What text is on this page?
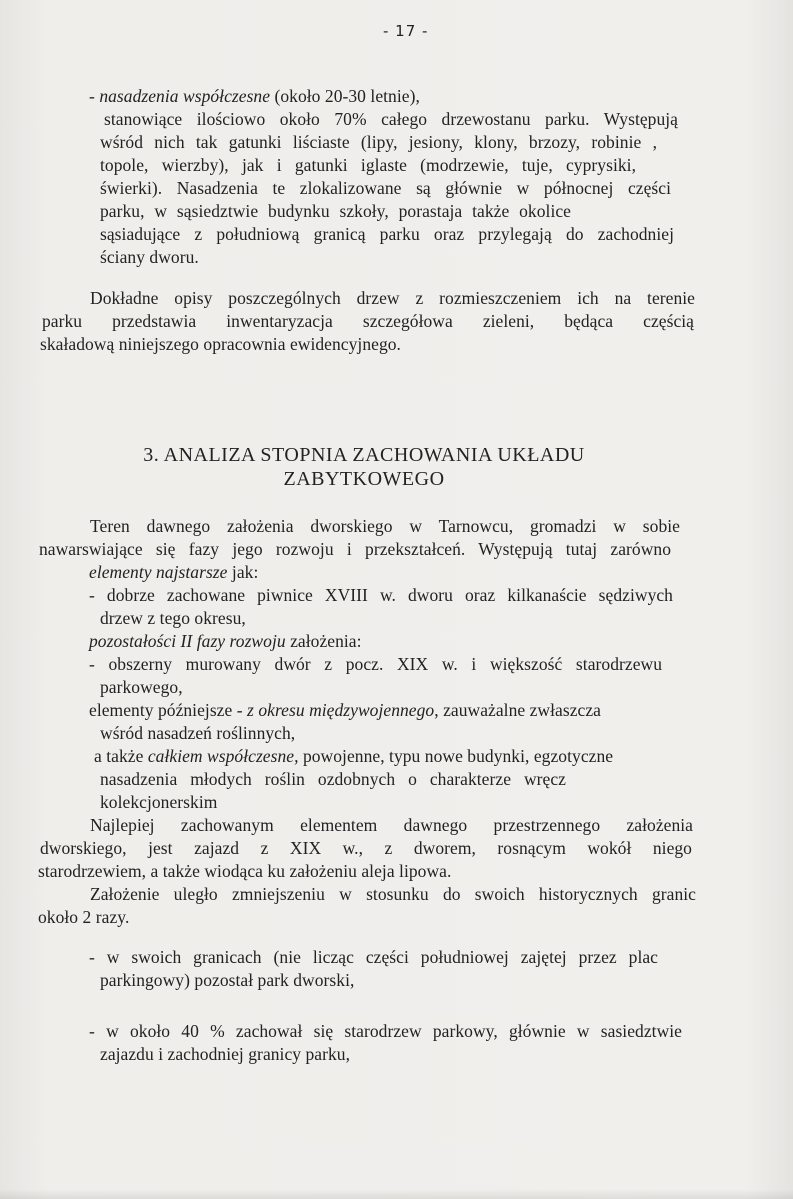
- 17 -
- nasadzenia współczesne (około 20-30 letnie),
stanowiące ilościowo około 70% całego drzewostanu parku. Występują
wśród nich tak gatunki liściaste (lipy, jesiony, klony, brzozy, robinie ,
topole, wierzby), jak i gatunki iglaste (modrzewie, tuje, cyprysiki,
świerki). Nasadzenia te zlokalizowane są głównie w północnej części
parku, w sąsiedztwie budynku szkoły, porastaja także okolice
sąsiadujące z południową granicą parku oraz przylegają do zachodniej
ściany dworu.
Dokładne opisy poszczególnych drzew z rozmieszczeniem ich na terenie
parku przedstawia inwentaryzacja szczegółowa zieleni, będąca częścią
skaładową niniejszego opracownia ewidencyjnego.
3. ANALIZA STOPNIA ZACHOWANIA UKŁADU
ZABYTKOWEGO
Teren dawnego założenia dworskiego w Tarnowcu, gromadzi w sobie
nawarswiające się fazy jego rozwoju i przekształceń. Występują tutaj zarówno
elementy najstarsze jak:
- dobrze zachowane piwnice XVIII w. dworu oraz kilkanaście sędziwych
drzew z tego okresu,
pozostałości II fazy rozwoju założenia:
- obszerny murowany dwór z pocz. XIX w. i większość starodrzewu
parkowego,
elementy późniejsze - z okresu międzywojennego, zauważalne zwłaszcza
wśród nasadzeń roślinnych,
a także całkiem współczesne, powojenne, typu nowe budynki, egzotyczne
nasadzenia młodych roślin ozdobnych o charakterze wręcz
kolekcjonerskim
Najlepiej zachowanym elementem dawnego przestrzennego założenia
dworskiego, jest zajazd z XIX w., z dworem, rosnącym wokół niego
starodrzewiem, a także wiodąca ku założeniu aleja lipowa.
Założenie uległo zmniejszeniu w stosunku do swoich historycznych granic
około 2 razy.
- w swoich granicach (nie licząc części południowej zajętej przez plac
parkingowy) pozostał park dworski,
- w około 40 % zachował się starodrzew parkowy, głównie w sasiedztwie
zajazdu i zachodniej granicy parku,
